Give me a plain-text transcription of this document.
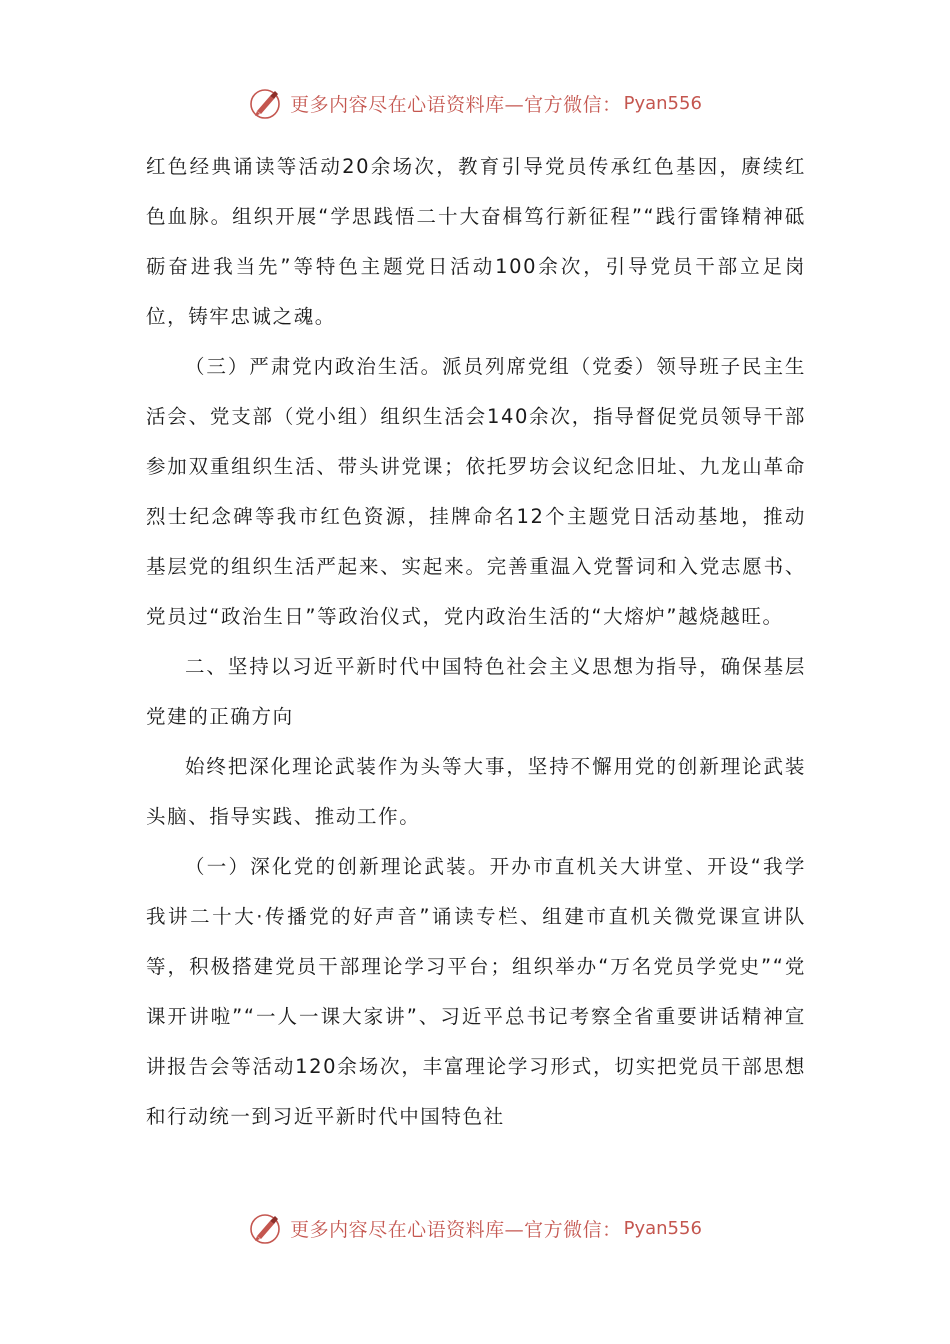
更多内容尽在心语资料库—官方微信： Pyan556

红色经典诵读等活动20余场次，教育引导党员传承红色基因，赓续红色血脉。组织开展“学思践悟二十大奋楫笃行新征程”“践行雷锋精神砥砺奋进我当先”等特色主题党日活动100余次，引导党员干部立足岗位，铸牢忠诚之魂。

（三）严肃党内政治生活。派员列席党组（党委）领导班子民主生活会、党支部（党小组）组织生活会140余次，指导督促党员领导干部参加双重组织生活、带头讲党课；依托罗坊会议纪念旧址、九龙山革命烈士纪念碑等我市红色资源，挂牌命名12个主题党日活动基地，推动基层党的组织生活严起来、实起来。完善重温入党誓词和入党志愿书、党员过“政治生日”等政治仪式，党内政治生活的“大熔炉”越烧越旺。

二、坚持以习近平新时代中国特色社会主义思想为指导，确保基层党建的正确方向

始终把深化理论武装作为头等大事，坚持不懈用党的创新理论武装头脑、指导实践、推动工作。

（一）深化党的创新理论武装。开办市直机关大讲堂、开设“我学我讲二十大·传播党的好声音”诵读专栏、组建市直机关微党课宣讲队等，积极搭建党员干部理论学习平台；组织举办“万名党员学党史”“党课开讲啦”“一人一课大家讲”、习近平总书记考察全省重要讲话精神宣讲报告会等活动120余场次，丰富理论学习形式，切实把党员干部思想和行动统一到习近平新时代中国特色社

更多内容尽在心语资料库—官方微信： Pyan556
